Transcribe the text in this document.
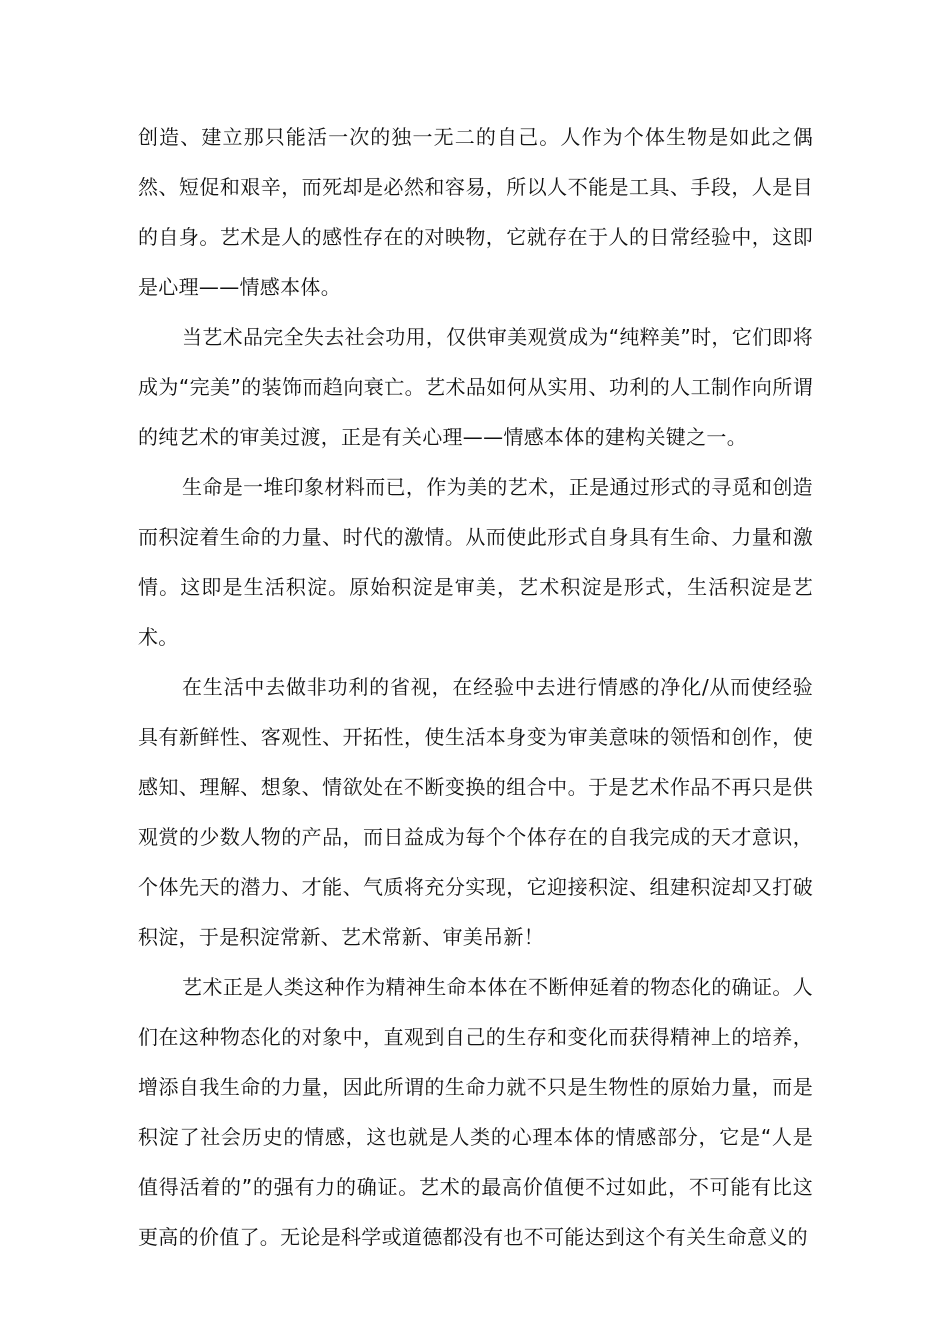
创造、建立那只能活一次的独一无二的自己。人作为个体生物是如此之偶然、短促和艰辛，而死却是必然和容易，所以人不能是工具、手段，人是目的自身。艺术是人的感性存在的对映物，它就存在于人的日常经验中，这即是心理——情感本体。

当艺术品完全失去社会功用，仅供审美观赏成为“纯粹美”时，它们即将成为“完美”的装饰而趋向衰亡。艺术品如何从实用、功利的人工制作向所谓的纯艺术的审美过渡，正是有关心理——情感本体的建构关键之一。

生命是一堆印象材料而已，作为美的艺术，正是通过形式的寻觅和创造而积淀着生命的力量、时代的激情。从而使此形式自身具有生命、力量和激情。这即是生活积淀。原始积淀是审美，艺术积淀是形式，生活积淀是艺术。

在生活中去做非功利的省视，在经验中去进行情感的净化/从而使经验具有新鲜性、客观性、开拓性，使生活本身变为审美意味的领悟和创作，使感知、理解、想象、情欲处在不断变换的组合中。于是艺术作品不再只是供观赏的少数人物的产品，而日益成为每个个体存在的自我完成的天才意识，个体先天的潜力、才能、气质将充分实现，它迎接积淀、组建积淀却又打破积淀，于是积淀常新、艺术常新、审美吊新！

艺术正是人类这种作为精神生命本体在不断伸延着的物态化的确证。人们在这种物态化的对象中，直观到自己的生存和变化而获得精神上的培养，增添自我生命的力量，因此所谓的生命力就不只是生物性的原始力量，而是积淀了社会历史的情感，这也就是人类的心理本体的情感部分，它是“人是值得活着的”的强有力的确证。艺术的最高价值便不过如此，不可能有比这更高的价值了。无论是科学或道德都没有也不可能达到这个有关生命意义的
